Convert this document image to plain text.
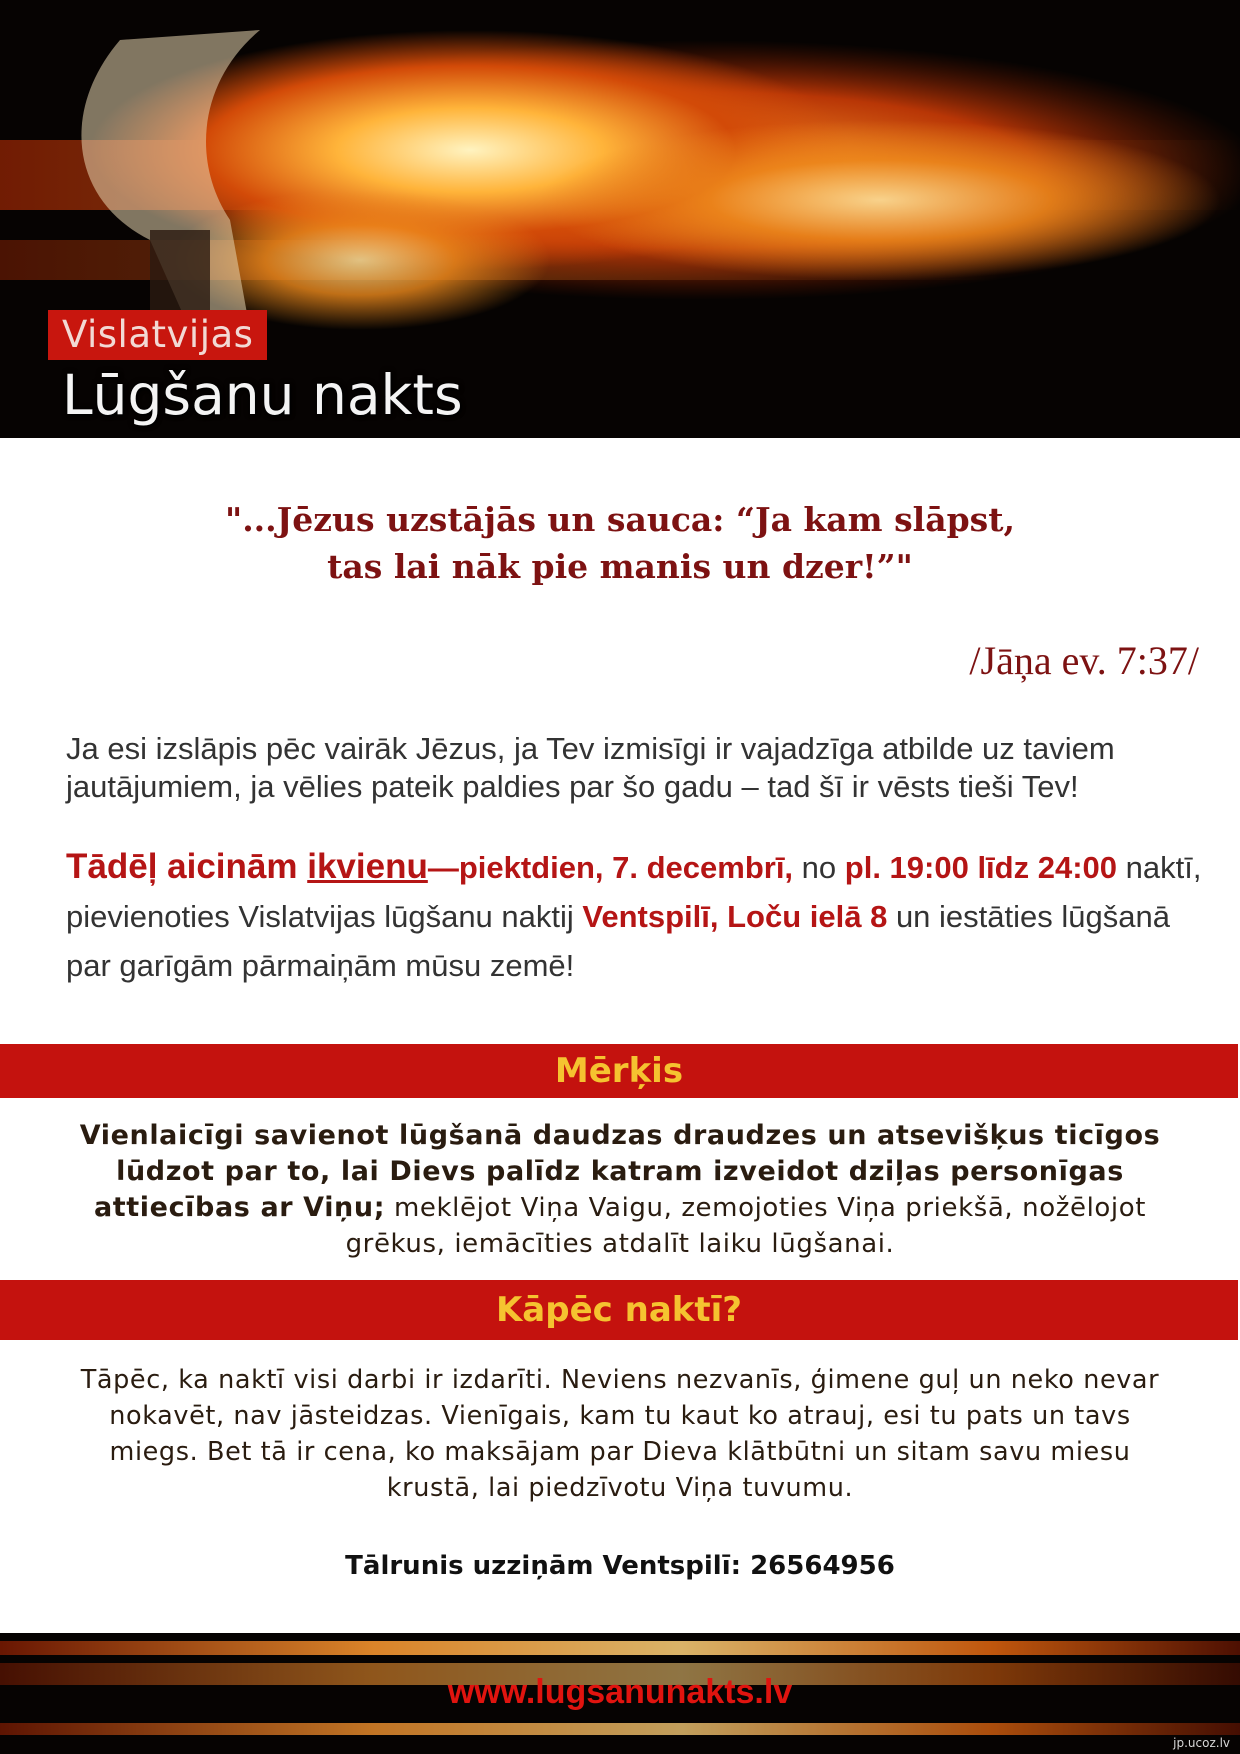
Vislatvijas
Lūgšanu nakts
"...Jēzus uzstājās un sauca: “Ja kam slāpst,
tas lai nāk pie manis un dzer!”"
/Jāņa ev. 7:37/
Ja esi izslāpis pēc vairāk Jēzus, ja Tev izmisīgi ir vajadzīga atbilde uz taviem jautājumiem, ja vēlies pateik paldies par šo gadu – tad šī ir vēsts tieši Tev!
Tādēļ aicinām ikvienu—piektdien, 7. decembrī, no pl. 19:00 līdz 24:00 naktī, pievienoties Vislatvijas lūgšanu naktij Ventspilī, Loču ielā 8 un iestāties lūgšanā par garīgām pārmaiņām mūsu zemē!
Mērķis
Vienlaicīgi savienot lūgšanā daudzas draudzes un atsevišķus ticīgos lūdzot par to, lai Dievs palīdz katram izveidot dziļas personīgas attiecības ar Viņu; meklējot Viņa Vaigu, zemojoties Viņa priekšā, nožēlojot grēkus, iemācīties atdalīt laiku lūgšanai.
Kāpēc naktī?
Tāpēc, ka naktī visi darbi ir izdarīti. Neviens nezvanīs, ģimene guļ un neko nevar nokavēt, nav jāsteidzas. Vienīgais, kam tu kaut ko atrauj, esi tu pats un tavs miegs. Bet tā ir cena, ko maksājam par Dieva klātbūtni un sitam savu miesu krustā, lai piedzīvotu Viņa tuvumu.
Tālrunis uzziņām Ventspilī: 26564956
www.lugsanunakts.lv
jp.ucoz.lv
